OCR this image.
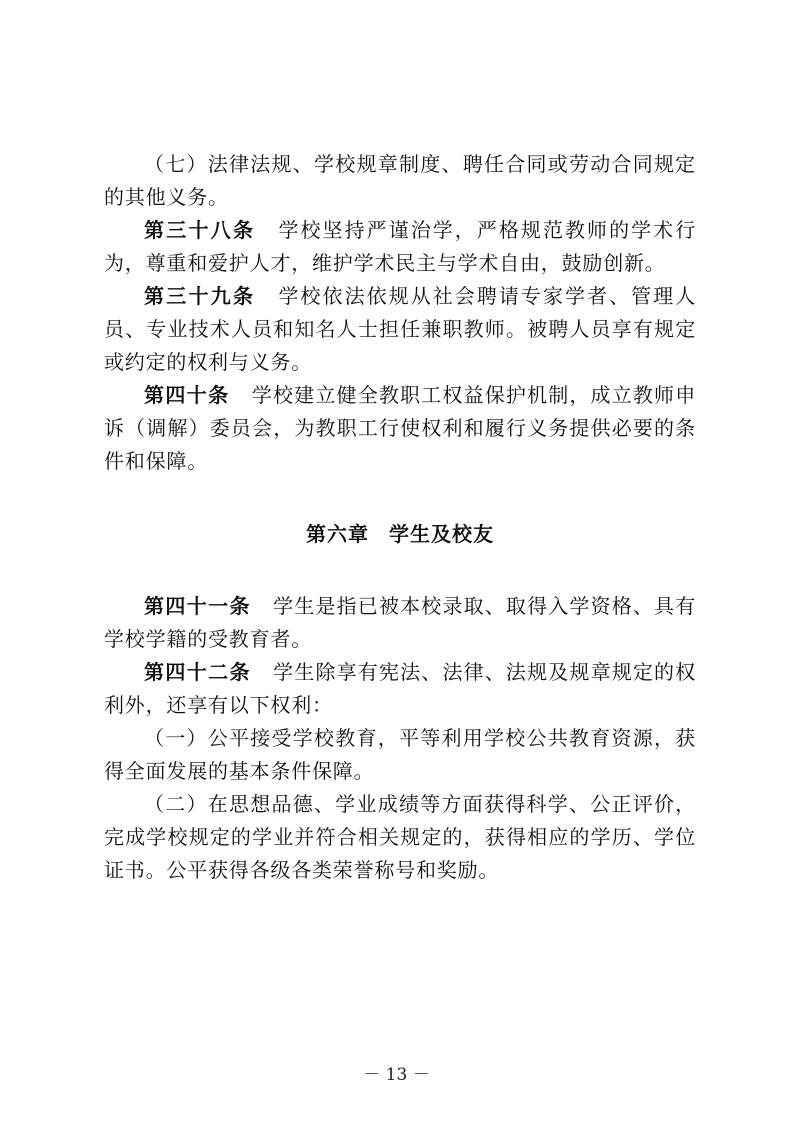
（七）法律法规、学校规章制度、聘任合同或劳动合同规定的其他义务。

第三十八条 学校坚持严谨治学，严格规范教师的学术行为，尊重和爱护人才，维护学术民主与学术自由，鼓励创新。

第三十九条 学校依法依规从社会聘请专家学者、管理人员、专业技术人员和知名人士担任兼职教师。被聘人员享有规定或约定的权利与义务。

第四十条 学校建立健全教职工权益保护机制，成立教师申诉（调解）委员会，为教职工行使权利和履行义务提供必要的条件和保障。

第六章 学生及校友

第四十一条 学生是指已被本校录取、取得入学资格、具有学校学籍的受教育者。

第四十二条 学生除享有宪法、法律、法规及规章规定的权利外，还享有以下权利：

（一）公平接受学校教育，平等利用学校公共教育资源，获得全面发展的基本条件保障。

（二）在思想品德、学业成绩等方面获得科学、公正评价，完成学校规定的学业并符合相关规定的，获得相应的学历、学位证书。公平获得各级各类荣誉称号和奖励。

－ 13 －
